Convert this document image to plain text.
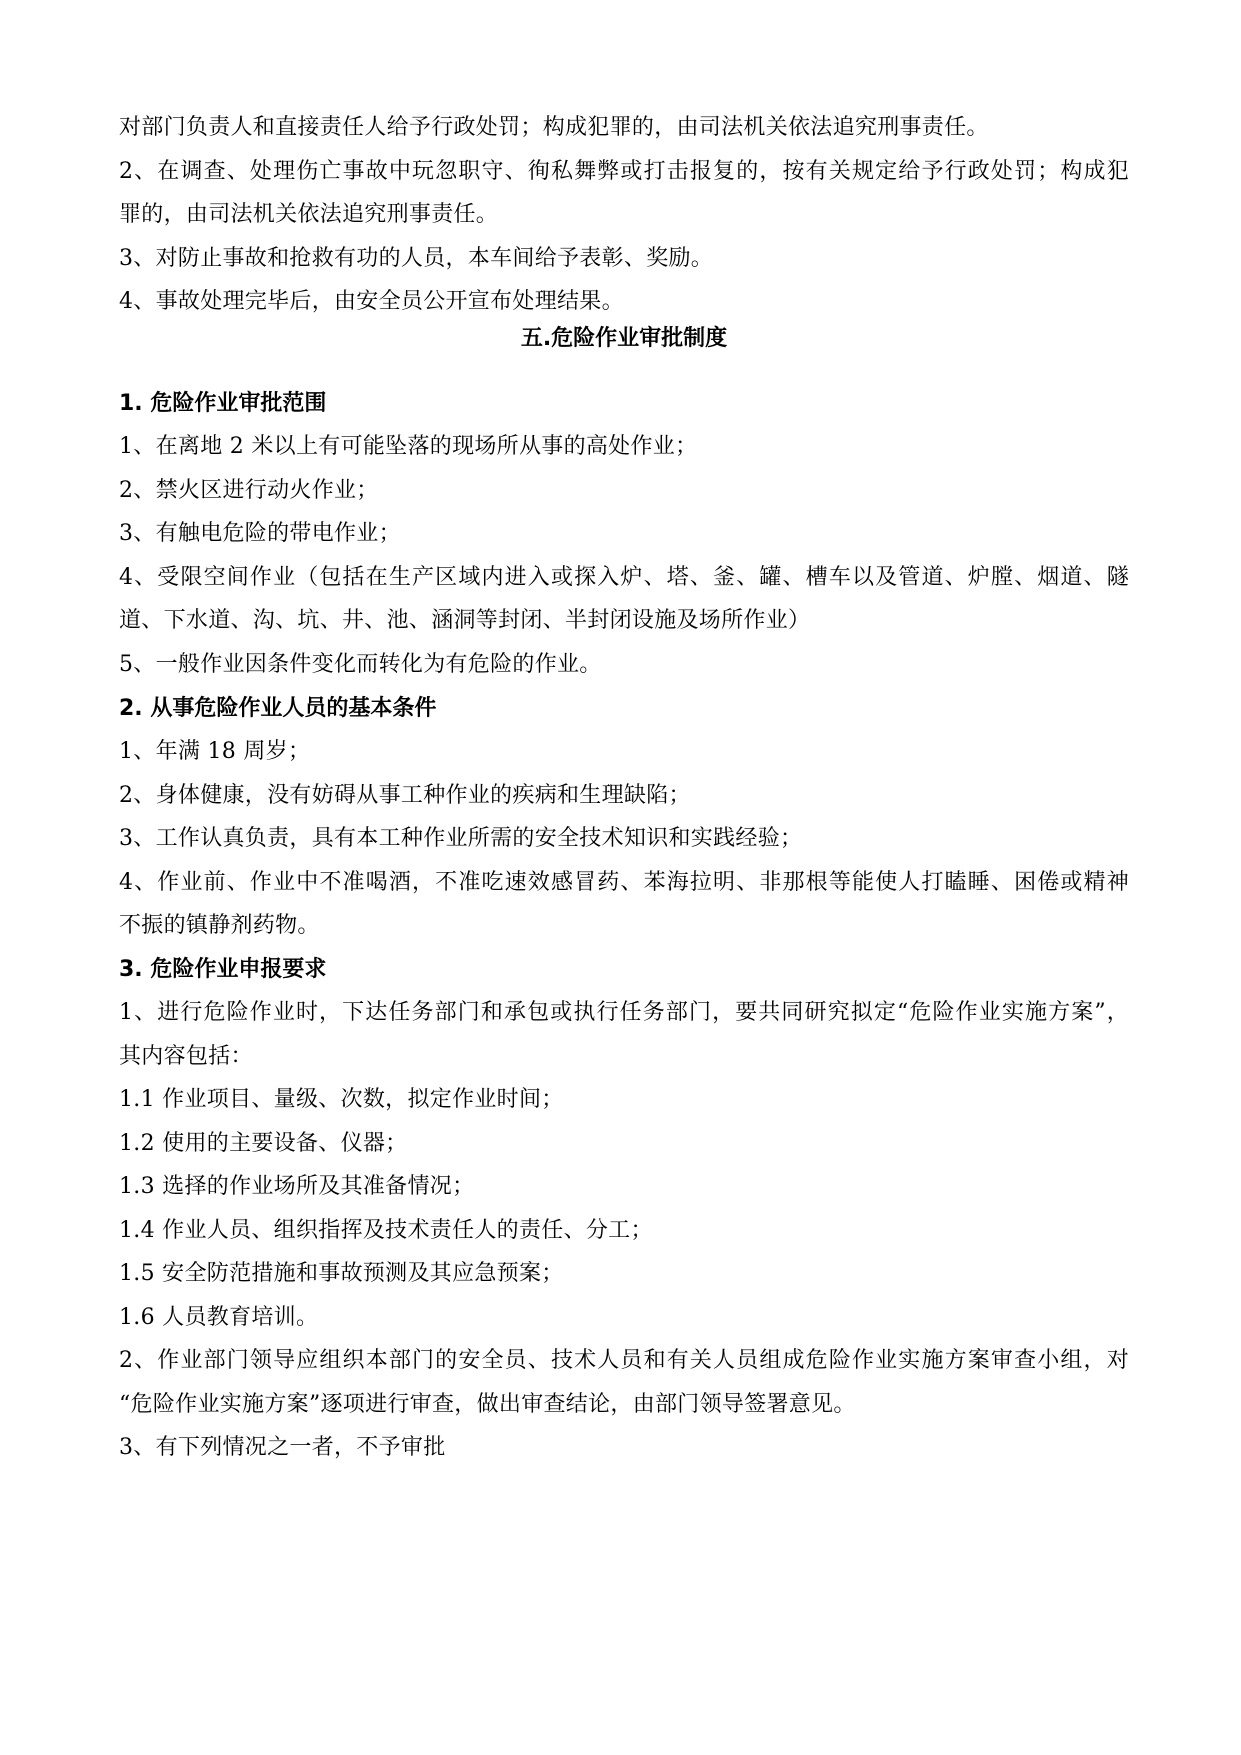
对部门负责人和直接责任人给予行政处罚；构成犯罪的，由司法机关依法追究刑事责任。
2、在调查、处理伤亡事故中玩忽职守、徇私舞弊或打击报复的，按有关规定给予行政处罚；构成犯
罪的，由司法机关依法追究刑事责任。
3、对防止事故和抢救有功的人员，本车间给予表彰、奖励。
4、事故处理完毕后，由安全员公开宣布处理结果。
五.危险作业审批制度
1. 危险作业审批范围
1、在离地 2 米以上有可能坠落的现场所从事的高处作业；
2、禁火区进行动火作业；
3、有触电危险的带电作业；
4、受限空间作业（包括在生产区域内进入或探入炉、塔、釜、罐、槽车以及管道、炉膛、烟道、隧
道、下水道、沟、坑、井、池、涵洞等封闭、半封闭设施及场所作业）
5、一般作业因条件变化而转化为有危险的作业。
2. 从事危险作业人员的基本条件
1、年满 18 周岁；
2、身体健康，没有妨碍从事工种作业的疾病和生理缺陷；
3、工作认真负责，具有本工种作业所需的安全技术知识和实践经验；
4、作业前、作业中不准喝酒，不准吃速效感冒药、苯海拉明、非那根等能使人打瞌睡、困倦或精神
不振的镇静剂药物。
3. 危险作业申报要求
1、进行危险作业时，下达任务部门和承包或执行任务部门，要共同研究拟定“危险作业实施方案”，
其内容包括：
1.1 作业项目、量级、次数，拟定作业时间；
1.2 使用的主要设备、仪器；
1.3 选择的作业场所及其准备情况；
1.4 作业人员、组织指挥及技术责任人的责任、分工；
1.5 安全防范措施和事故预测及其应急预案；
1.6 人员教育培训。
2、作业部门领导应组织本部门的安全员、技术人员和有关人员组成危险作业实施方案审查小组，对
“危险作业实施方案”逐项进行审查，做出审查结论，由部门领导签署意见。
3、有下列情况之一者，不予审批
